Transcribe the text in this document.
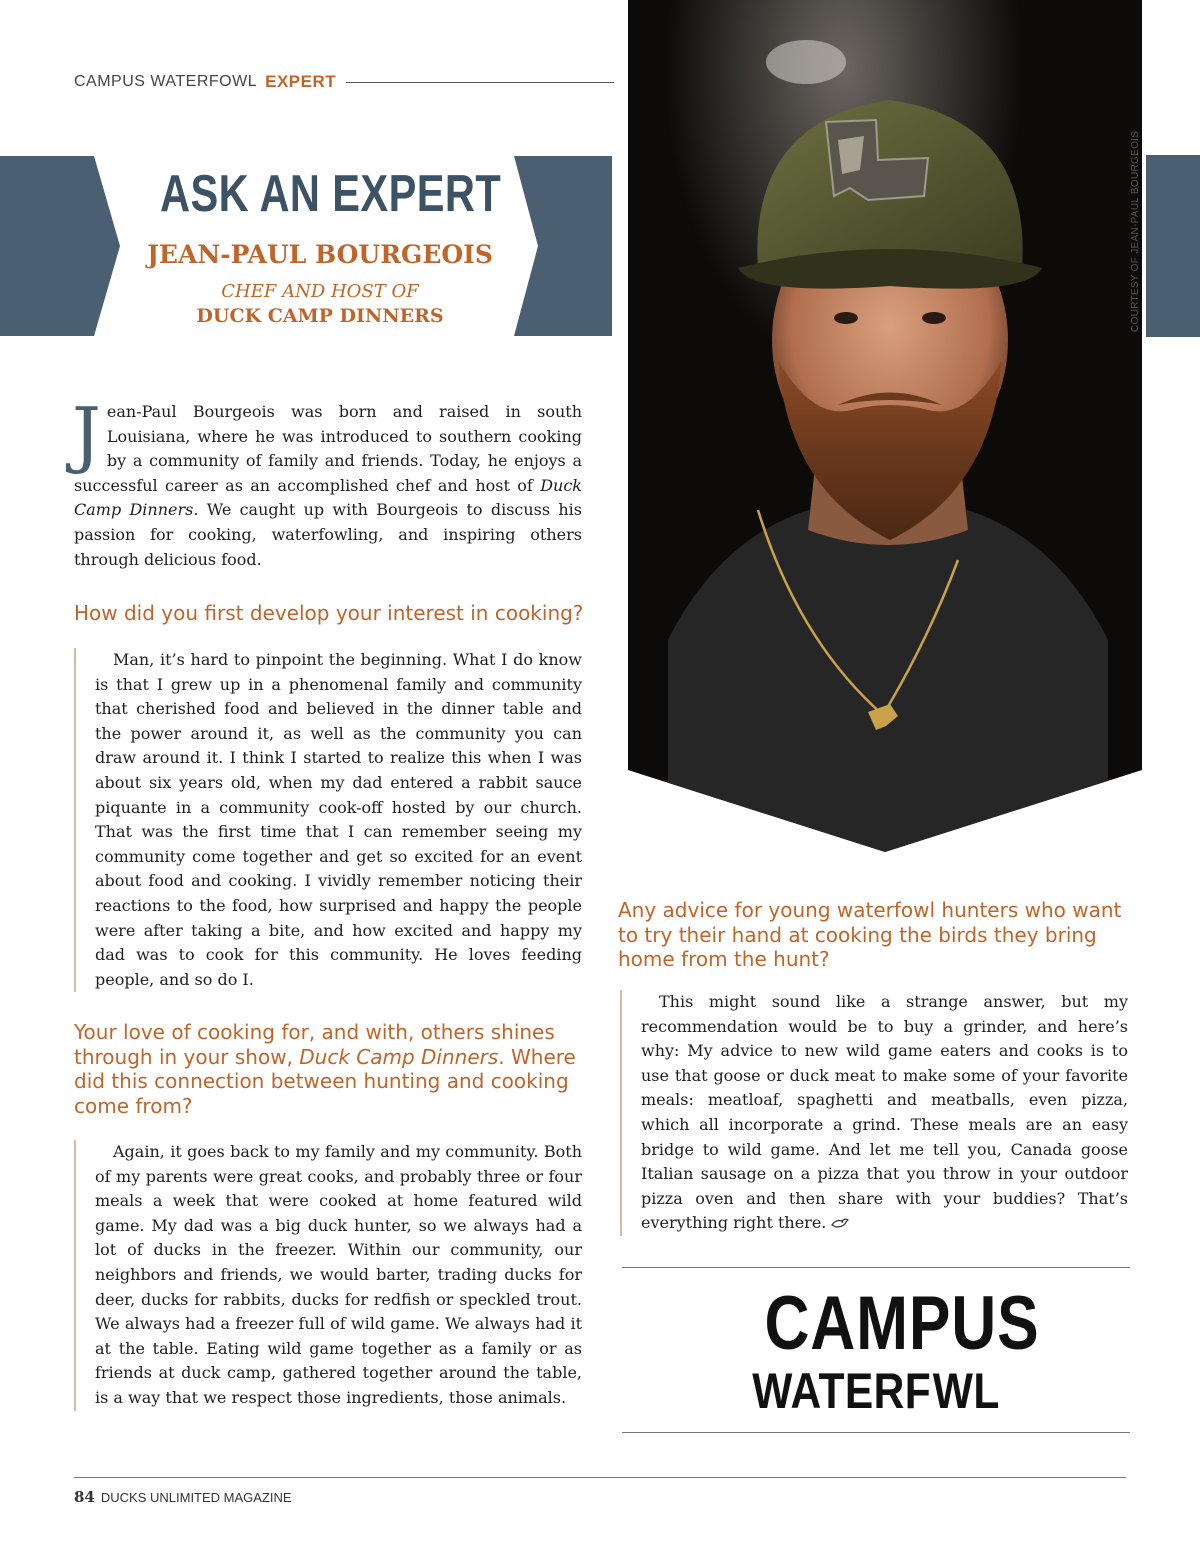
CAMPUS WATERFOWL EXPERT
ASK AN EXPERT
JEAN-PAUL BOURGEOIS
CHEF AND HOST OF
DUCK CAMP DINNERS	COURTESY OF JEAN-PAUL BOURGEOIS
Jean-Paul Bourgeois was born and raised in south Louisiana, where he was introduced to southern cooking by a community of family and friends. Today, he enjoys a successful career as an accomplished chef and host of Duck Camp Dinners. We caught up with Bourgeois to discuss his passion for cooking, waterfowling, and inspiring others through delicious food.
How did you first develop your interest in cooking?

Man, it’s hard to pinpoint the beginning. What I do know is that I grew up in a phenomenal family and community that cherished food and believed in the dinner table and the power around it, as well as the community you can draw around it. I think I started to realize this when I was about six years old, when my dad entered a rabbit sauce piquante in a community cook-off hosted by our church. That was the first time that I can remember seeing my community come together and get so excited for an event about food and cooking. I vividly remember noticing their reactions to the food, how surprised and happy the people were after taking a bite, and how excited and happy my dad was to cook for this community. He loves feeding people, and so do I.

Your love of cooking for, and with, others shines through in your show, Duck Camp Dinners. Where did this connection between hunting and cooking come from?

Again, it goes back to my family and my community. Both of my parents were great cooks, and probably three or four meals a week that were cooked at home featured wild game. My dad was a big duck hunter, so we always had a lot of ducks in the freezer. Within our community, our neighbors and friends, we would barter, trading ducks for deer, ducks for rabbits, ducks for redfish or speckled trout. We always had a freezer full of wild game. We always had it at the table. Eating wild game together as a family or as friends at duck camp, gathered together around the table, is a way that we respect those ingredients, those animals.

Any advice for young waterfowl hunters who want to try their hand at cooking the birds they bring home from the hunt?

This might sound like a strange answer, but my recommendation would be to buy a grinder, and here’s why: My advice to new wild game eaters and cooks is to use that goose or duck meat to make some of your favorite meals: meatloaf, spaghetti and meatballs, even pizza, which all incorporate a grind. These meals are an easy bridge to wild game. And let me tell you, Canada goose Italian sausage on a pizza that you throw in your outdoor pizza oven and then share with your buddies? That’s everything right there.

CAMPUS
WATERF WL
84 DUCKS UNLIMITED MAGAZINE
